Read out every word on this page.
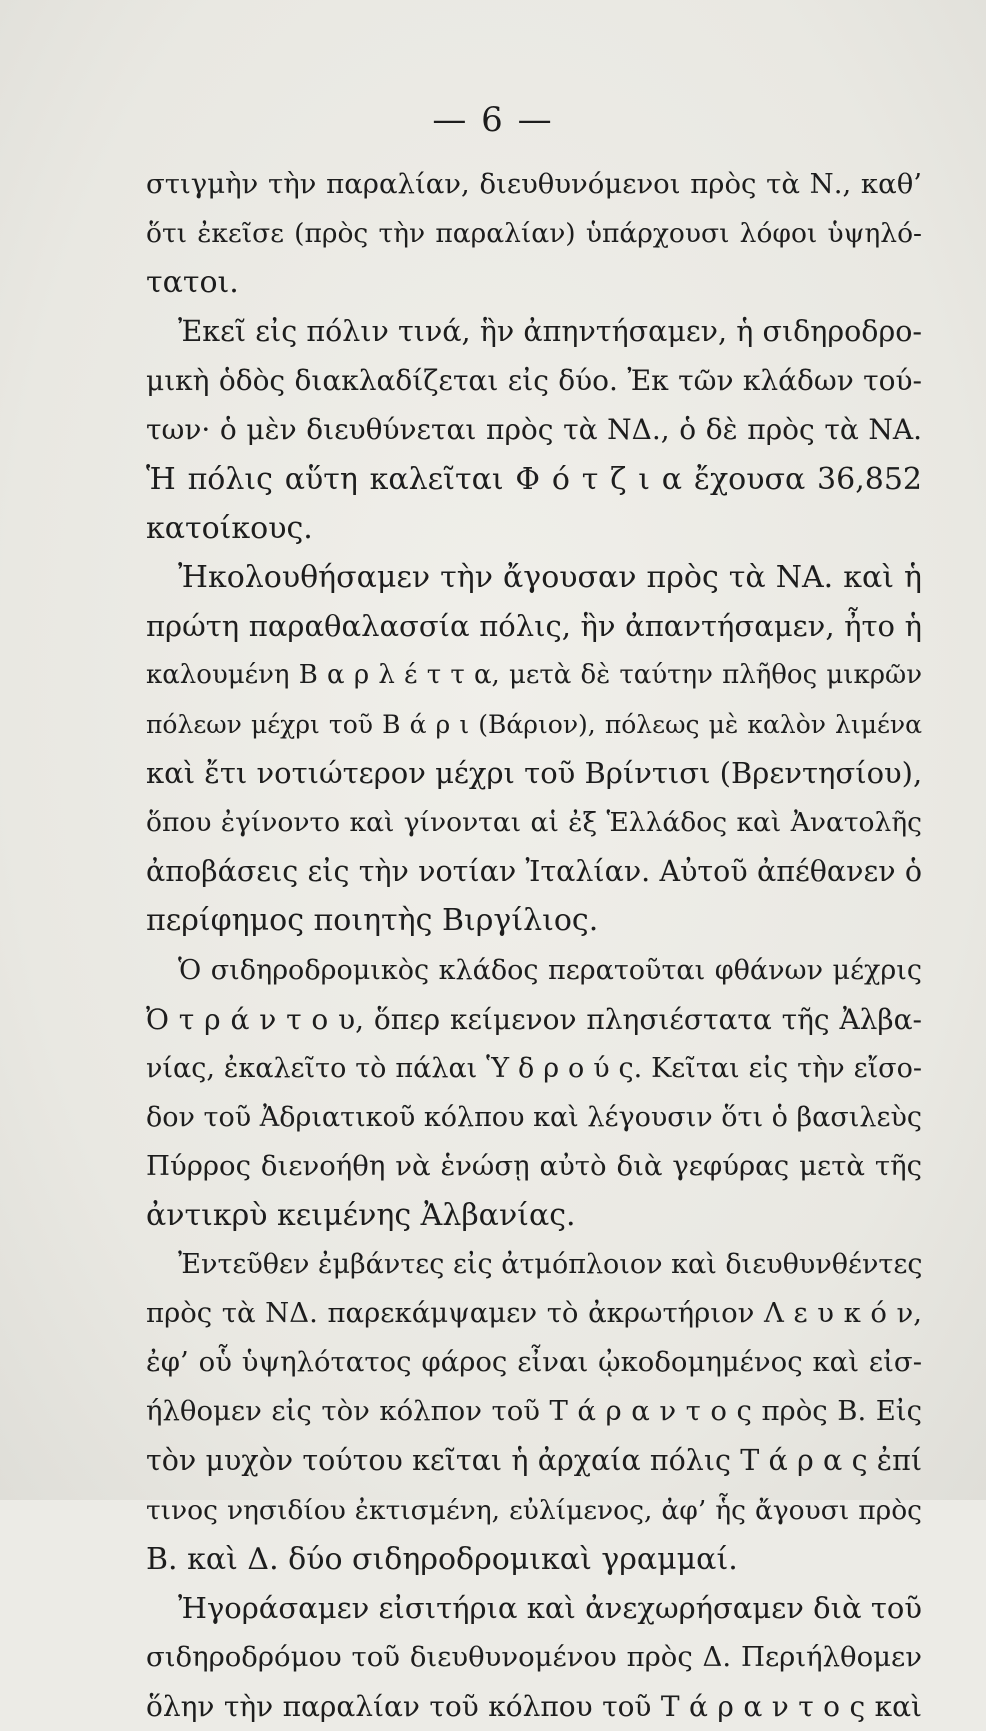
— 6 —
στιγμὴν τὴν παραλίαν, διευθυνόμενοι πρὸς τὰ Ν., καθ’
ὅτι ἐκεῖσε (πρὸς τὴν παραλίαν) ὑπάρχουσι λόφοι ὑψηλό-
τατοι.
Ἐκεῖ εἰς πόλιν τινά, ἣν ἀπηντήσαμεν, ἡ σιδηροδρο-
μικὴ ὁδὸς διακλαδίζεται εἰς δύο. Ἐκ τῶν κλάδων τού-
των· ὁ μὲν διευθύνεται πρὸς τὰ ΝΔ., ὁ δὲ πρὸς τὰ ΝΑ.
Ἡ πόλις αὕτη καλεῖται Φ ό τ ζ ι α ἔχουσα 36,852
κατοίκους.
Ἠκολουθήσαμεν τὴν ἄγουσαν πρὸς τὰ ΝΑ. καὶ ἡ
πρώτη παραθαλασσία πόλις, ἣν ἀπαντήσαμεν, ἦτο ἡ
καλουμένη Β α ρ λ έ τ τ α, μετὰ δὲ ταύτην πλῆθος μικρῶν
πόλεων μέχρι τοῦ Β ά ρ ι (Βάριον), πόλεως μὲ καλὸν λιμένα
καὶ ἔτι νοτιώτερον μέχρι τοῦ Βρίντισι (Βρεντησίου),
ὅπου ἐγίνοντο καὶ γίνονται αἱ ἐξ Ἑλλάδος καὶ Ἀνατολῆς
ἀποβάσεις εἰς τὴν νοτίαν Ἰταλίαν. Αὐτοῦ ἀπέθανεν ὁ
περίφημος ποιητὴς Βιργίλιος.
Ὁ σιδηροδρομικὸς κλάδος περατοῦται φθάνων μέχρις
Ὀ τ ρ ά ν τ ο υ, ὅπερ κείμενον πλησιέστατα τῆς Ἀλβα-
νίας, ἐκαλεῖτο τὸ πάλαι Ὑ δ ρ ο ύ ς. Κεῖται εἰς τὴν εἴσο-
δον τοῦ Ἀδριατικοῦ κόλπου καὶ λέγουσιν ὅτι ὁ βασιλεὺς
Πύρρος διενοήθη νὰ ἑνώσῃ αὐτὸ διὰ γεφύρας μετὰ τῆς
ἀντικρὺ κειμένης Ἀλβανίας.
Ἐντεῦθεν ἐμβάντες εἰς ἀτμόπλοιον καὶ διευθυνθέντες
πρὸς τὰ ΝΔ. παρεκάμψαμεν τὸ ἀκρωτήριον Λ ε υ κ ό ν,
ἐφ’ οὗ ὑψηλότατος φάρος εἶναι ᾠκοδομημένος καὶ εἰσ-
ήλθομεν εἰς τὸν κόλπον τοῦ Τ ά ρ α ν τ ο ς πρὸς Β. Εἰς
τὸν μυχὸν τούτου κεῖται ἡ ἀρχαία πόλις Τ ά ρ α ς ἐπί
τινος νησιδίου ἐκτισμένη, εὐλίμενος, ἀφ’ ἧς ἄγουσι πρὸς
Β. καὶ Δ. δύο σιδηροδρομικαὶ γραμμαί.
Ἠγοράσαμεν εἰσιτήρια καὶ ἀνεχωρήσαμεν διὰ τοῦ
σιδηροδρόμου τοῦ διευθυνομένου πρὸς Δ. Περιήλθομεν
ὅλην τὴν παραλίαν τοῦ κόλπου τοῦ Τ ά ρ α ν τ ο ς καὶ
